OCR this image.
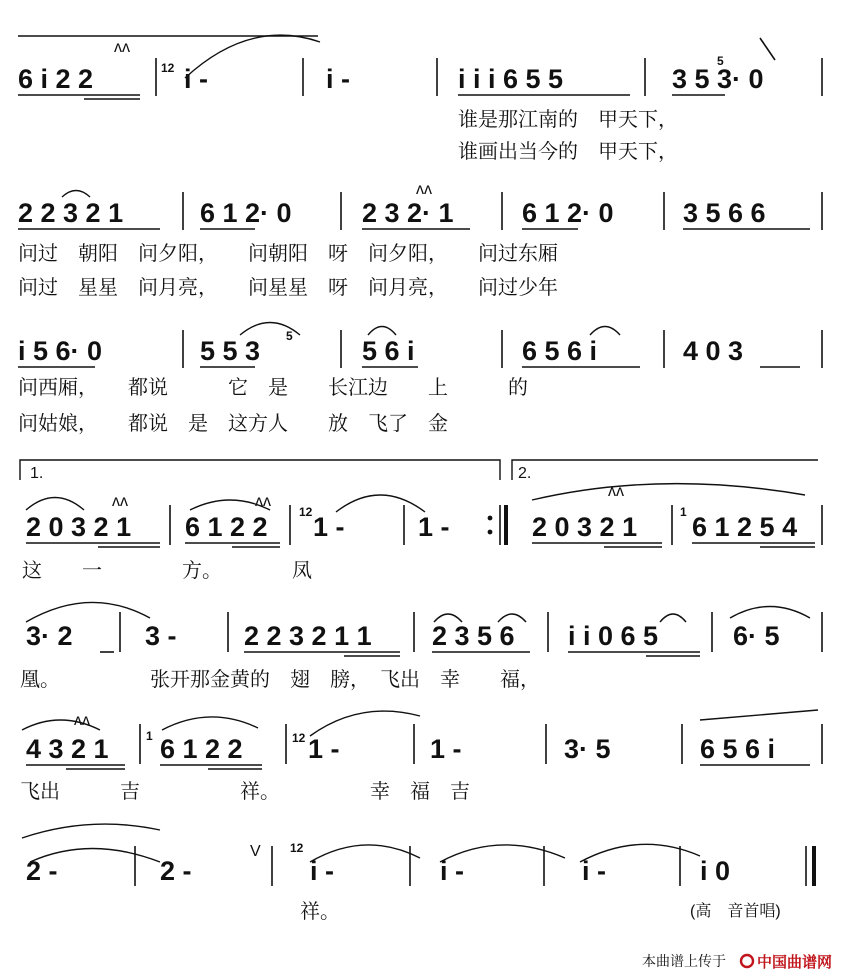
6 i 2 2
ᴧᴧ
12 i -	i -	i i i 6 5 5
5
3 5 3· 0
谁是那江南的　甲天下，
谁画出当今的　甲天下，
ᴧᴧ
2 2 3 2 1	6 1 2· 0	2 3 2· 1	6 1 2· 0	3 5 6 6
问过　朝阳　问夕阳，　　问朝阳　呀　问夕阳，　　问过东厢
问过　星星　问月亮，　　问星星　呀　问月亮，　　问过少年
5
i 5 6· 0	5 5 3	5 6 i	6 5 6 i	4 0 3
问西厢，　　都说　　　它　是　　长江边　　上　　　的
问姑娘，　　都说　是　这方人　　放　飞了　金
1.	2.
ᴧᴧ	ᴧᴧ
ᴧᴧ
12	1
2 0 3 2 1 6 1 2 2 1 -	1 -	2 0 3 2 1 6 1 2 5 4
这　　一　　　　方。　　　　凤
3· 2	3 - 2 2 3 2 1 1 2 3 5 6 i i 0 6 5	6· 5
凰。　　　　　张开那金黄的　翅　膀，　飞出　幸　　福，
ᴧᴧ
1	12
4 3 2 1 6 1 2 2 1 -	1 -	3· 5	6 5 6 i
飞出　　　吉　　　　　祥。　　　　　幸　福　吉
V 12
2 -	2 -	i -	i -	i -	i 0
祥。	(高　音首唱)
本曲谱上传于 中国曲谱网
